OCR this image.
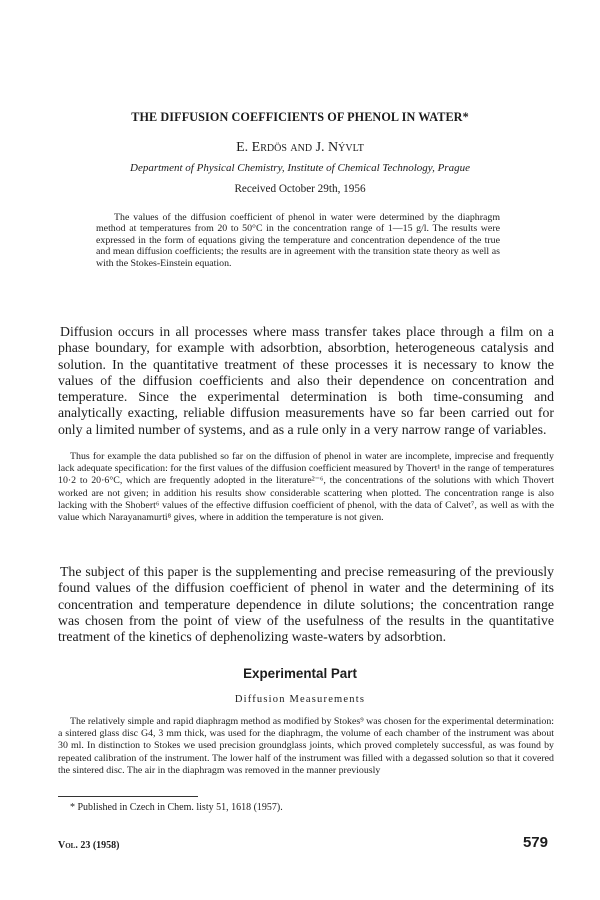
THE DIFFUSION COEFFICIENTS OF PHENOL IN WATER*
E. Erdös and J. Nývlt
Department of Physical Chemistry, Institute of Chemical Technology, Prague
Received October 29th, 1956
The values of the diffusion coefficient of phenol in water were determined by the diaphragm method at temperatures from 20 to 50°C in the concentration range of 1—15 g/l. The results were expressed in the form of equations giving the temperature and concentration dependence of the true and mean diffusion coefficients; the results are in agreement with the transition state theory as well as with the Stokes-Einstein equation.
Diffusion occurs in all processes where mass transfer takes place through a film on a phase boundary, for example with adsorbtion, absorbtion, heterogeneous catalysis and solution. In the quantitative treatment of these processes it is necessary to know the values of the diffusion coefficients and also their dependence on concentration and temperature. Since the experimental determination is both time-consuming and analytically exacting, reliable diffusion measurements have so far been carried out for only a limited number of systems, and as a rule only in a very narrow range of variables.
Thus for example the data published so far on the diffusion of phenol in water are incomplete, imprecise and frequently lack adequate specification: for the first values of the diffusion coefficient measured by Thovert¹ in the range of temperatures 10·2 to 20·6°C, which are frequently adopted in the literature²⁻⁶, the concentrations of the solutions with which Thovert worked are not given; in addition his results show considerable scattering when plotted. The concentration range is also lacking with the Shobert⁶ values of the effective diffusion coefficient of phenol, with the data of Calvet⁷, as well as with the value which Narayanamurti⁸ gives, where in addition the temperature is not given.
The subject of this paper is the supplementing and precise remeasuring of the previously found values of the diffusion coefficient of phenol in water and the determining of its concentration and temperature dependence in dilute solutions; the concentration range was chosen from the point of view of the usefulness of the results in the quantitative treatment of the kinetics of dephenolizing waste-waters by adsorbtion.
Experimental Part
Diffusion Measurements
The relatively simple and rapid diaphragm method as modified by Stokes⁹ was chosen for the experimental determination: a sintered glass disc G4, 3 mm thick, was used for the diaphragm, the volume of each chamber of the instrument was about 30 ml. In distinction to Stokes we used precision groundglass joints, which proved completely successful, as was found by repeated calibration of the instrument. The lower half of the instrument was filled with a degassed solution so that it covered the sintered disc. The air in the diaphragm was removed in the manner previously
* Published in Czech in Chem. listy 51, 1618 (1957).
Vol. 23 (1958)	579
